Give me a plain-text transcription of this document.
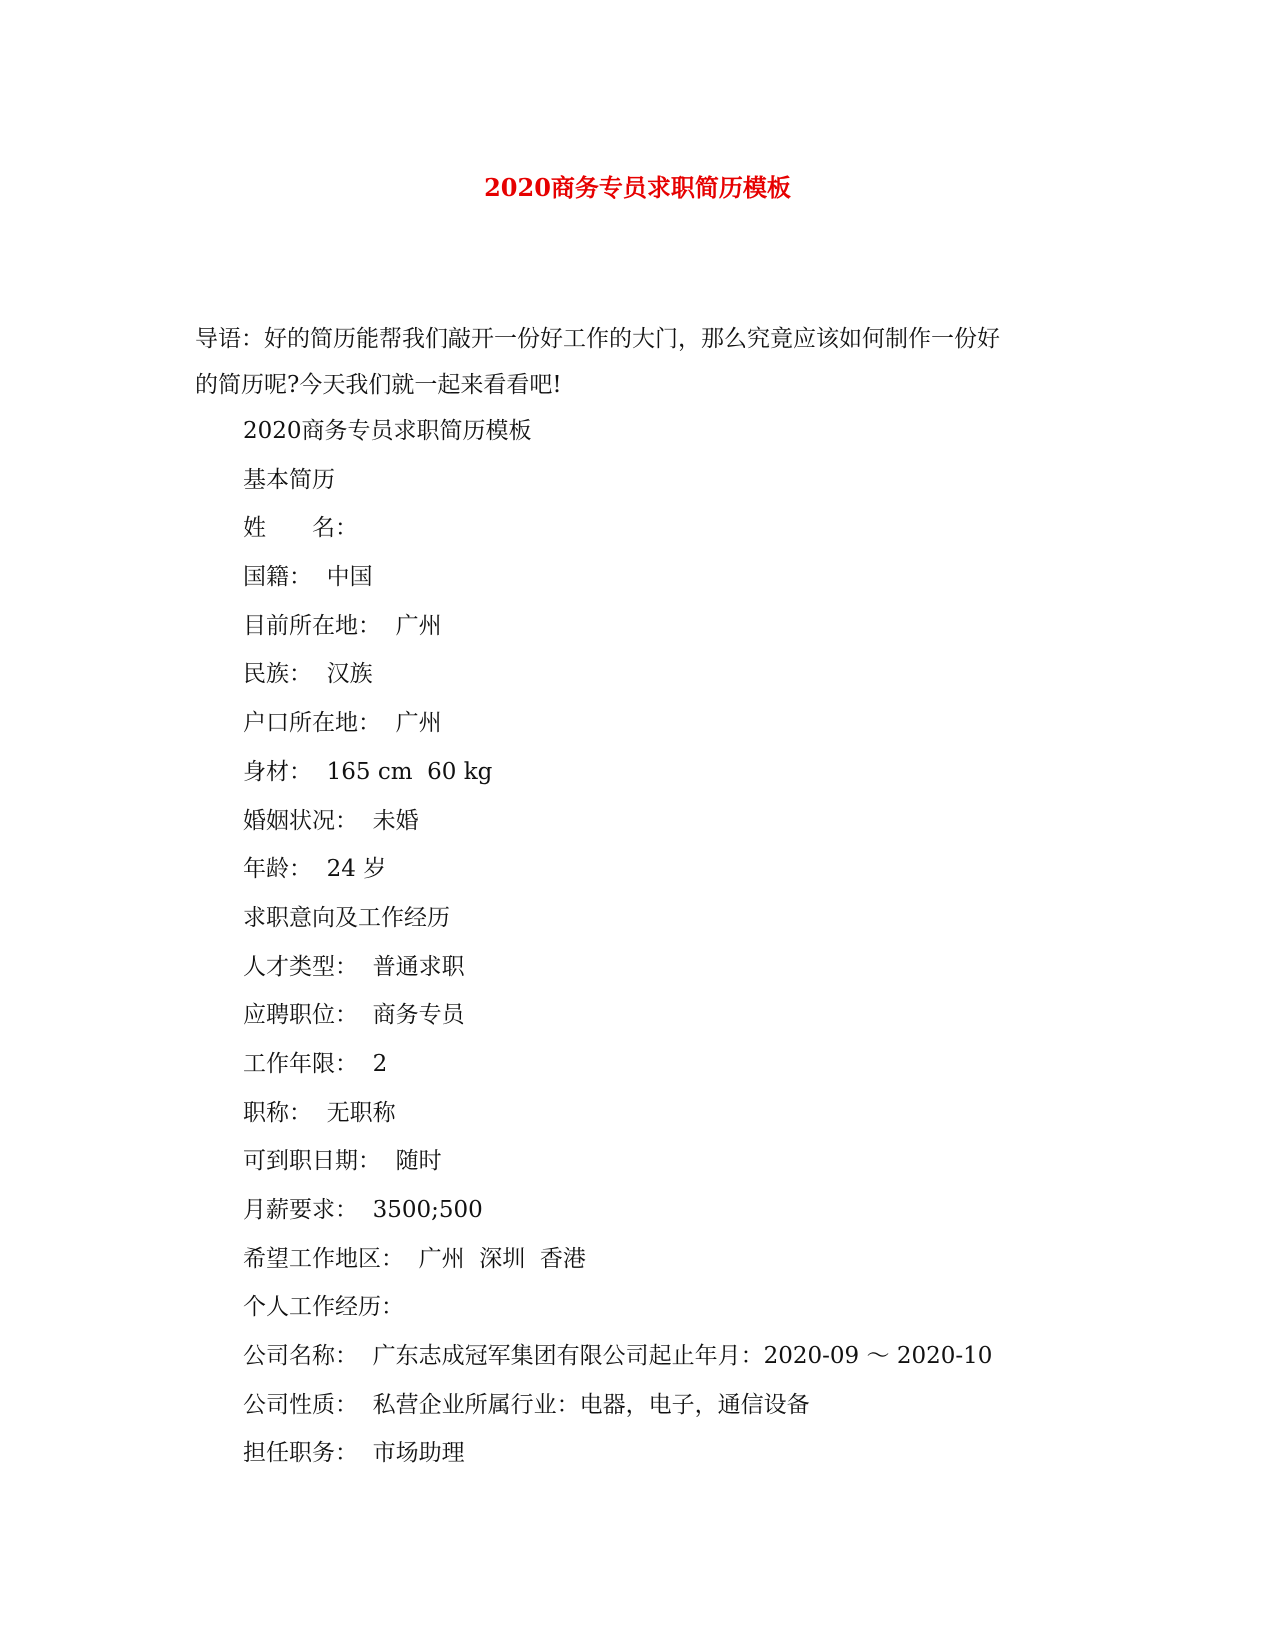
2020商务专员求职简历模板

导语：好的简历能帮我们敲开一份好工作的大门，那么究竟应该如何制作一份好

的简历呢?今天我们就一起来看看吧!

2020商务专员求职简历模板
基本简历
姓　　名：
国籍：  中国
目前所在地：  广州
民族：  汉族
户口所在地：  广州
身材：  165 cm  60 kg
婚姻状况：  未婚
年龄：  24 岁
求职意向及工作经历
人才类型：  普通求职
应聘职位：  商务专员
工作年限：  2
职称：  无职称
可到职日期：  随时
月薪要求：  3500;500
希望工作地区：  广州  深圳  香港
个人工作经历：
公司名称：  广东志成冠军集团有限公司起止年月：2020-09 ～ 2020-10
公司性质：  私营企业所属行业：电器，电子，通信设备
担任职务：  市场助理
